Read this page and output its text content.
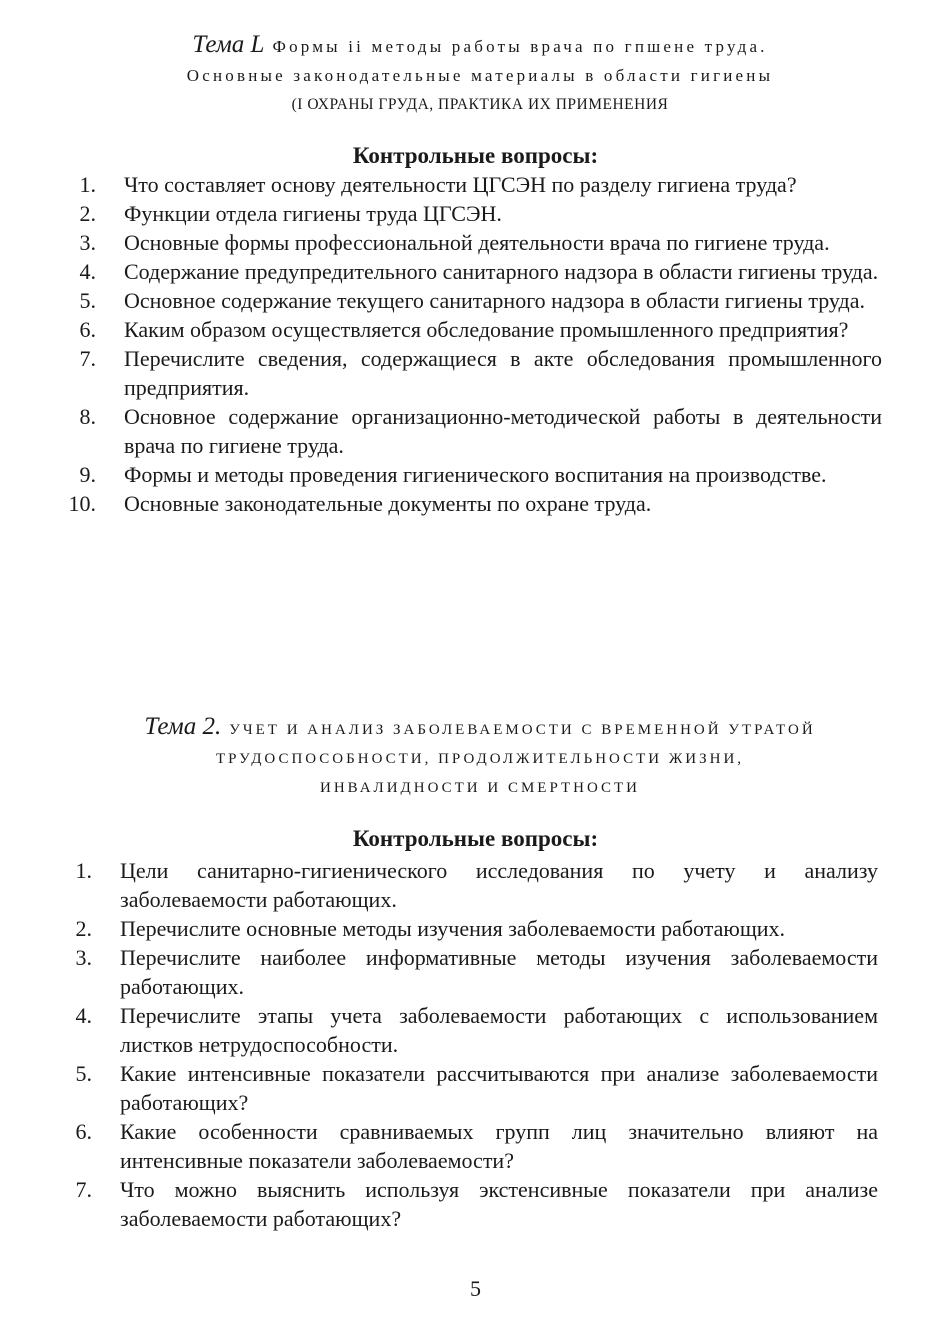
Тема L Формы ii методы работы врача по гпшене труда.
Основные законодательные материалы в области гигиены
(I ОХРАНЫ ГРУДА, ПРАКТИКА ИХ ПРИМЕНЕНИЯ
Контрольные вопросы:
1. Что составляет основу деятельности ЦГСЭН по разделу гигиена труда?
2. Функции отдела гигиены труда ЦГСЭН.
3. Основные формы профессиональной деятельности врача по гигиене труда.
4. Содержание предупредительного санитарного надзора в области гигиены труда.
5. Основное содержание текущего санитарного надзора в области гигиены труда.
6. Каким образом осуществляется обследование промышленного предприятия?
7. Перечислите сведения, содержащиеся в акте обследования промышленного предприятия.
8. Основное содержание организационно-методической работы в деятельности врача по гигиене труда.
9. Формы и методы проведения гигиенического воспитания на производстве.
10. Основные законодательные документы по охране труда.
Тема 2. УЧЕТ И АНАЛИЗ ЗАБОЛЕВАЕМОСТИ С ВРЕМЕННОЙ УТРАТОЙ
ТРУДОСПОСОБНОСТИ, ПРОДОЛЖИТЕЛЬНОСТИ ЖИЗНИ,
ИНВАЛИДНОСТИ И СМЕРТНОСТИ
Контрольные вопросы:
1. Цели санитарно-гигиенического исследования по учету и анализу заболеваемости работающих.
2. Перечислите основные методы изучения заболеваемости работающих.
3. Перечислите наиболее информативные методы изучения заболеваемости работающих.
4. Перечислите этапы учета заболеваемости работающих с использованием листков нетрудоспособности.
5. Какие интенсивные показатели рассчитываются при анализе заболеваемости работающих?
6. Какие особенности сравниваемых групп лиц значительно влияют на интенсивные показатели заболеваемости?
7. Что можно выяснить используя экстенсивные показатели при анализе заболеваемости работающих?
5
